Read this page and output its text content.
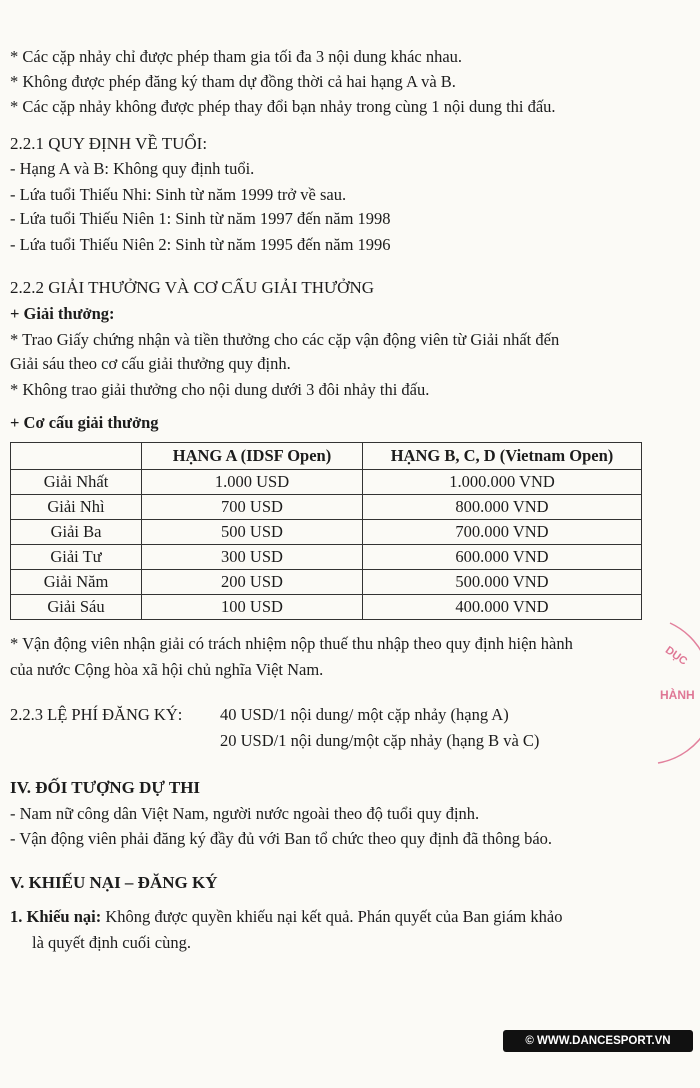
* Các cặp nhảy chỉ được phép tham gia tối đa 3 nội dung khác nhau.
* Không được phép đăng ký tham dự đồng thời cả hai hạng A và B.
* Các cặp nhảy không được phép thay đổi bạn nhảy trong cùng 1 nội dung thi đấu.
2.2.1 QUY ĐỊNH VỀ TUỔI:
- Hạng A và B: Không quy định tuổi.
- Lứa tuổi Thiếu Nhi: Sinh từ năm 1999 trở về sau.
- Lứa tuổi Thiếu Niên 1: Sinh từ năm 1997 đến năm 1998
- Lứa tuổi Thiếu Niên 2: Sinh từ năm 1995 đến năm 1996
2.2.2 GIẢI THƯỞNG VÀ CƠ CẤU GIẢI THƯỞNG
+ Giải thưởng:
* Trao Giấy chứng nhận và tiền thưởng cho các cặp vận động viên từ Giải nhất đến
Giải sáu theo cơ cấu giải thưởng quy định.
* Không trao giải thưởng cho nội dung dưới 3 đôi nhảy thi đấu.
+ Cơ cấu giải thưởng
	HẠNG A (IDSF Open)	HẠNG B, C, D (Vietnam Open)
Giải Nhất	1.000 USD	1.000.000 VND
Giải Nhì	700 USD	800.000 VND
Giải Ba	500 USD	700.000 VND
Giải Tư	300 USD	600.000 VND
Giải Năm	200 USD	500.000 VND
Giải Sáu	100 USD	400.000 VND
* Vận động viên nhận giải có trách nhiệm nộp thuế thu nhập theo quy định hiện hành
của nước Cộng hòa xã hội chủ nghĩa Việt Nam.
2.2.3 LỆ PHÍ ĐĂNG KÝ: 40 USD/1 nội dung/ một cặp nhảy (hạng A)
20 USD/1 nội dung/một cặp nhảy (hạng B và C)
IV. ĐỐI TƯỢNG DỰ THI
- Nam nữ công dân Việt Nam, người nước ngoài theo độ tuổi quy định.
- Vận động viên phải đăng ký đầy đủ với Ban tổ chức theo quy định đã thông báo.
V. KHIẾU NẠI – ĐĂNG KÝ
1. Khiếu nại: Không được quyền khiếu nại kết quả. Phán quyết của Ban giám khảo
là quyết định cuối cùng.
DỤC
HÀNH
© WWW.DANCESPORT.VN
